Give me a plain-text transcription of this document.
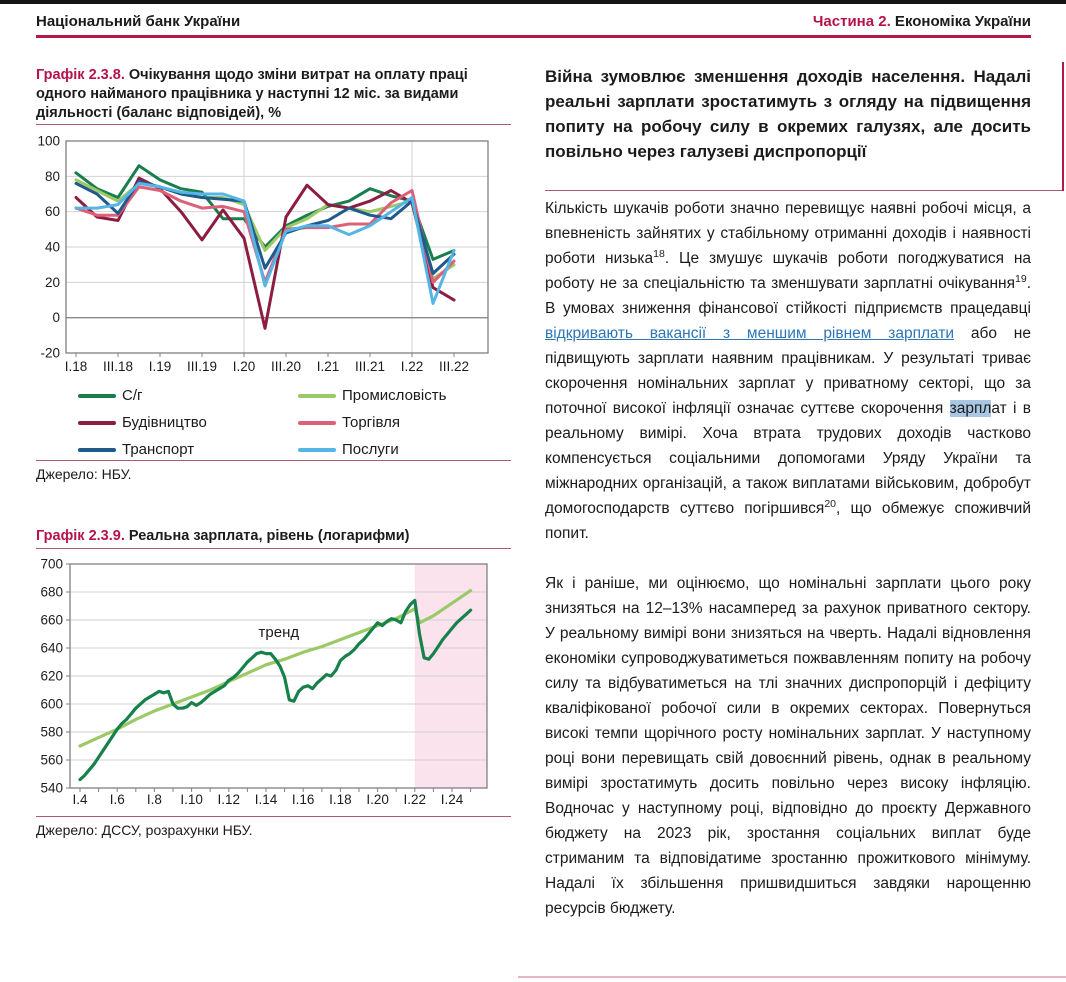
Національний банк України	Частина 2. Економіка України
Графік 2.3.8. Очікування щодо зміни витрат на оплату праці одного найманого працівника у наступні 12 міс. за видами діяльності (баланс відповідей), %
-20
0
20
40
60
80
100
I.18 III.18 I.19 III.19 I.20 III.20 I.21 III.21 I.22 III.22
С/г	Промисловість
Будівництво	Торгівля
Транспорт	Послуги
Джерело: НБУ.
Графік 2.3.9. Реальна зарплата, рівень (логарифми)
540
560
580
600
620
640
660
680
700
I.4 I.6 I.8 I.10 I.12 I.14 I.16 I.18 I.20 I.22 I.24
тренд
Джерело: ДССУ, розрахунки НБУ.
Війна зумовлює зменшення доходів населення. Надалі реальні зарплати зростатимуть з огляду на підвищення попиту на робочу силу в окремих галузях, але досить повільно через галузеві диспропорції

Кількість шукачів роботи значно перевищує наявні робочі місця, а впевненість зайнятих у стабільному отриманні доходів і наявності роботи низька$^{18}$. Це змушує шукачів роботи погоджуватися на роботу не за спеціальністю та зменшувати зарплатні очікування$^{19}$. В умовах зниження фінансової стійкості підприємств працедавці відкривають вакансії з меншим рівнем зарплати або не підвищують зарплати наявним працівникам. У результаті триває скорочення номінальних зарплат у приватному секторі, що за поточної високої інфляції означає суттєве скорочення зарплат і в реальному вимірі. Хоча втрата трудових доходів частково компенсується соціальними допомогами Уряду України та міжнародних організацій, а також виплатами військовим, добробут домогосподарств суттєво погіршився$^{20}$, що обмежує споживчий попит.

Як і раніше, ми оцінюємо, що номінальні зарплати цього року знизяться на 12–13% насамперед за рахунок приватного сектору. У реальному вимірі вони знизяться на чверть. Надалі відновлення економіки супроводжуватиметься пожвавленням попиту на робочу силу та відбуватиметься на тлі значних диспропорцій і дефіциту кваліфікованої робочої сили в окремих секторах. Повернуться високі темпи щорічного росту номінальних зарплат. У наступному році вони перевищать свій довоєнний рівень, однак в реальному вимірі зростатимуть досить повільно через високу інфляцію. Водночас у наступному році, відповідно до проєкту Державного бюджету на 2023 рік, зростання соціальних виплат буде стриманим та відповідатиме зростанню прожиткового мінімуму. Надалі їх збільшення пришвидшиться завдяки нарощенню ресурсів бюджету.
